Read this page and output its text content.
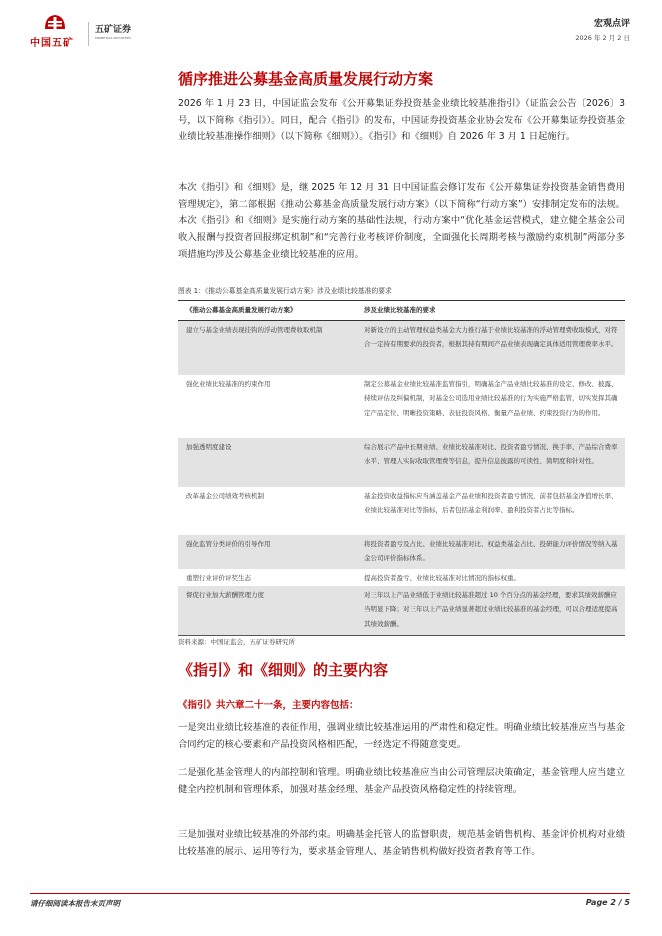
中国五矿
五矿证券
MINMETALS SECURITIES
宏观点评
2026 年 2 月 2 日
循序推进公募基金高质量发展行动方案
2026 年 1 月 23 日，中国证监会发布《公开募集证券投资基金业绩比较基准指引》（证监会公告〔2026〕3 号，以下简称《指引》）。同日，配合《指引》的发布，中国证券投资基金业协会发布《公开募集证券投资基金业绩比较基准操作细则》（以下简称《细则》）。《指引》和《细则》自 2026 年 3 月 1 日起施行。
本次《指引》和《细则》是，继 2025 年 12 月 31 日中国证监会修订发布《公开募集证券投资基金销售费用管理规定》，第二部根据《推动公募基金高质量发展行动方案》（以下简称“行动方案”）安排制定发布的法规。本次《指引》和《细则》是实施行动方案的基础性法规，行动方案中“优化基金运营模式，建立健全基金公司收入报酬与投资者回报绑定机制”和“完善行业考核评价制度，全面强化长周期考核与激励约束机制”两部分多项措施均涉及公募基金业绩比较基准的应用。
图表 1：《推动公募基金高质量发展行动方案》涉及业绩比较基准的要求
《推动公募基金高质量发展行动方案》	涉及业绩比较基准的要求
建立与基金业绩表现挂钩的浮动管理费收取机制	对新设立的主动管理权益类基金大力推行基于业绩比较基准的浮动管理费收取模式，对符合一定持有期要求的投资者，根据其持有期间产品业绩表现确定具体适用管理费率水平。
强化业绩比较基准的约束作用	制定公募基金业绩比较基准监管指引，明确基金产品业绩比较基准的设定、修改、披露、持续评估及纠偏机制，对基金公司选用业绩比较基准的行为实施严格监管，切实发挥其确定产品定位、明晰投资策略、表征投资风格、衡量产品业绩、约束投资行为的作用。
加强透明度建设	综合展示产品中长期业绩、业绩比较基准对比、投资者盈亏情况、换手率、产品综合费率水平、管理人实际收取管理费等信息，提升信息披露的可读性、简明度和针对性。
改革基金公司绩效考核机制	基金投资收益指标应当涵盖基金产品业绩和投资者盈亏情况，前者包括基金净值增长率、业绩比较基准对比等指标，后者包括基金利润率、盈利投资者占比等指标。
强化监管分类评价的引导作用	将投资者盈亏及占比、业绩比较基准对比、权益类基金占比、投研能力评价情况等纳入基金公司评价指标体系。
重塑行业评价评奖生态	提高投资者盈亏、业绩比较基准对比情况的指标权重。
督促行业加大薪酬管理力度	对三年以上产品业绩低于业绩比较基准超过 10 个百分点的基金经理，要求其绩效薪酬应当明显下降；对三年以上产品业绩显著超过业绩比较基准的基金经理，可以合理适度提高其绩效薪酬。
资料来源：中国证监会，五矿证券研究所
《指引》和《细则》的主要内容
《指引》共六章二十一条，主要内容包括：
一是突出业绩比较基准的表征作用，强调业绩比较基准运用的严肃性和稳定性。明确业绩比较基准应当与基金合同约定的核心要素和产品投资风格相匹配，一经选定不得随意变更。
二是强化基金管理人的内部控制和管理。明确业绩比较基准应当由公司管理层决策确定，基金管理人应当建立健全内控机制和管理体系，加强对基金经理、基金产品投资风格稳定性的持续管理。
三是加强对业绩比较基准的外部约束。明确基金托管人的监督职责，规范基金销售机构、基金评价机构对业绩比较基准的展示、运用等行为，要求基金管理人、基金销售机构做好投资者教育等工作。
请仔细阅读本报告末页声明	Page 2 / 5
